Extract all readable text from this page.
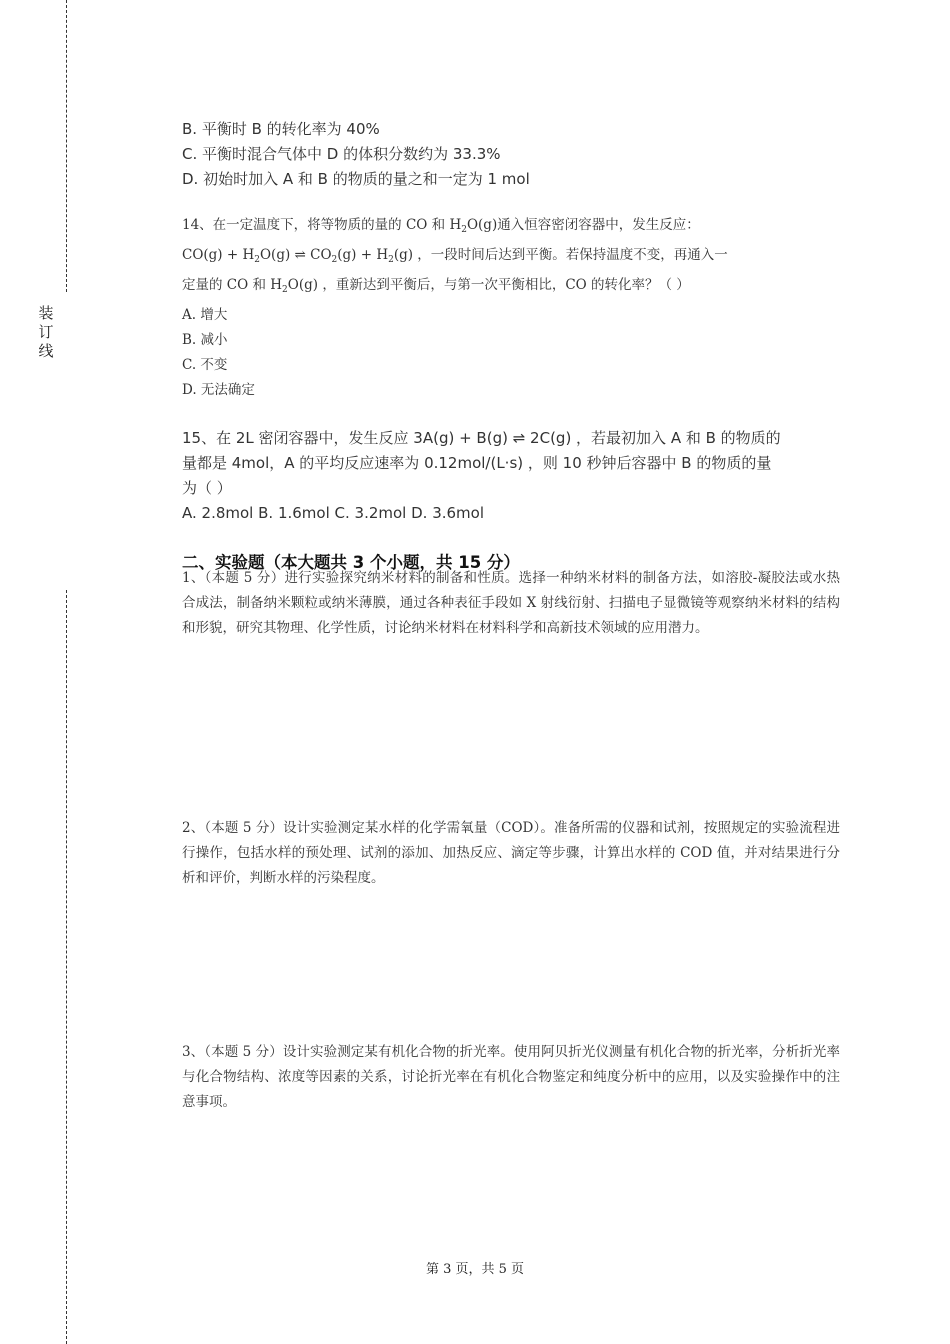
装
订
线

B. 平衡时 B 的转化率为 40%

C. 平衡时混合气体中 D 的体积分数约为 33.3%

D. 初始时加入 A 和 B 的物质的量之和一定为 1 mol

14、在一定温度下，将等物质的量的 CO 和 $H_2O(g)$通入恒容密闭容器中，发生反应：

$CO(g) + H_2O(g)$ ⇌ $CO_2(g) + H_2(g)$ ，一段时间后达到平衡。若保持温度不变，再通入一

定量的 CO 和 $H_2O(g)$ ，重新达到平衡后，与第一次平衡相比，CO 的转化率？（ ）

A. 增大

B. 减小

C. 不变

D. 无法确定

15、在 2L 密闭容器中，发生反应 3A(g) + B(g) ⇌ 2C(g) ，若最初加入 A 和 B 的物质的

量都是 4mol，A 的平均反应速率为 0.12mol/(L·s) ，则 10 秒钟后容器中 B 的物质的量

为（ ）

A. 2.8mol B. 1.6mol C. 3.2mol D. 3.6mol

二、实验题（本大题共 3 个小题，共 15 分）

1、（本题 5 分）进行实验探究纳米材料的制备和性质。选择一种纳米材料的制备方法，如溶胶-凝胶法或水热合成法，制备纳米颗粒或纳米薄膜，通过各种表征手段如 X 射线衍射、扫描电子显微镜等观察纳米材料的结构和形貌，研究其物理、化学性质，讨论纳米材料在材料科学和高新技术领域的应用潜力。
2、（本题 5 分）设计实验测定某水样的化学需氧量（COD）。准备所需的仪器和试剂，按照规定的实验流程进行操作，包括水样的预处理、试剂的添加、加热反应、滴定等步骤，计算出水样的 COD 值，并对结果进行分析和评价，判断水样的污染程度。
3、（本题 5 分）设计实验测定某有机化合物的折光率。使用阿贝折光仪测量有机化合物的折光率，分析折光率与化合物结构、浓度等因素的关系，讨论折光率在有机化合物鉴定和纯度分析中的应用，以及实验操作中的注意事项。
第 3 页，共 5 页
